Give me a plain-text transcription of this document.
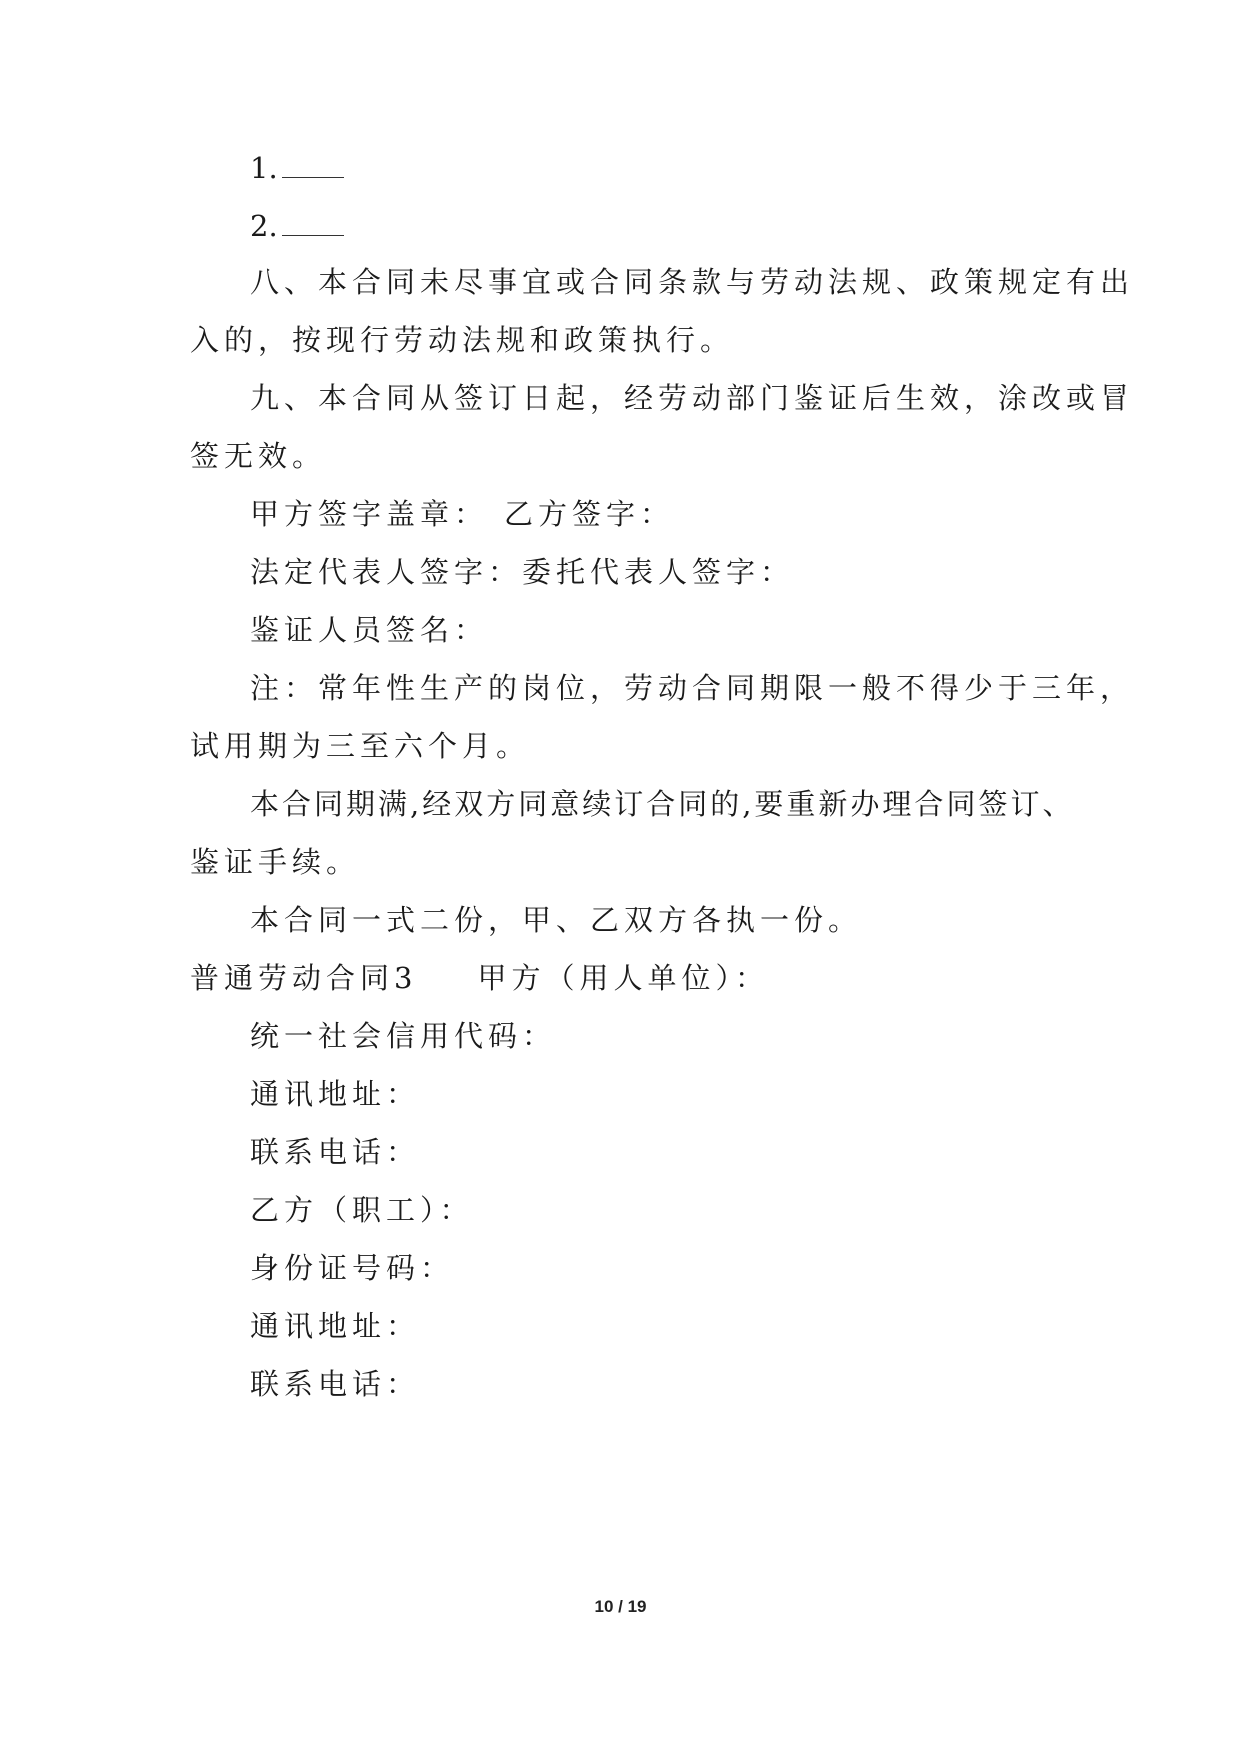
1.
2.
八、本合同未尽事宜或合同条款与劳动法规、政策规定有出
入的，按现行劳动法规和政策执行。
九、本合同从签订日起，经劳动部门鉴证后生效，涂改或冒
签无效。
甲方签字盖章： 乙方签字：
法定代表人签字：委托代表人签字：
鉴证人员签名：
注：常年性生产的岗位，劳动合同期限一般不得少于三年，
试用期为三至六个月。
本合同期满,经双方同意续订合同的,要重新办理合同签订、
鉴证手续。
本合同一式二份，甲、乙双方各执一份。
普通劳动合同3 甲方（用人单位）：
统一社会信用代码：
通讯地址：
联系电话：
乙方（职工）：
身份证号码：
通讯地址：
联系电话：
10 / 19
